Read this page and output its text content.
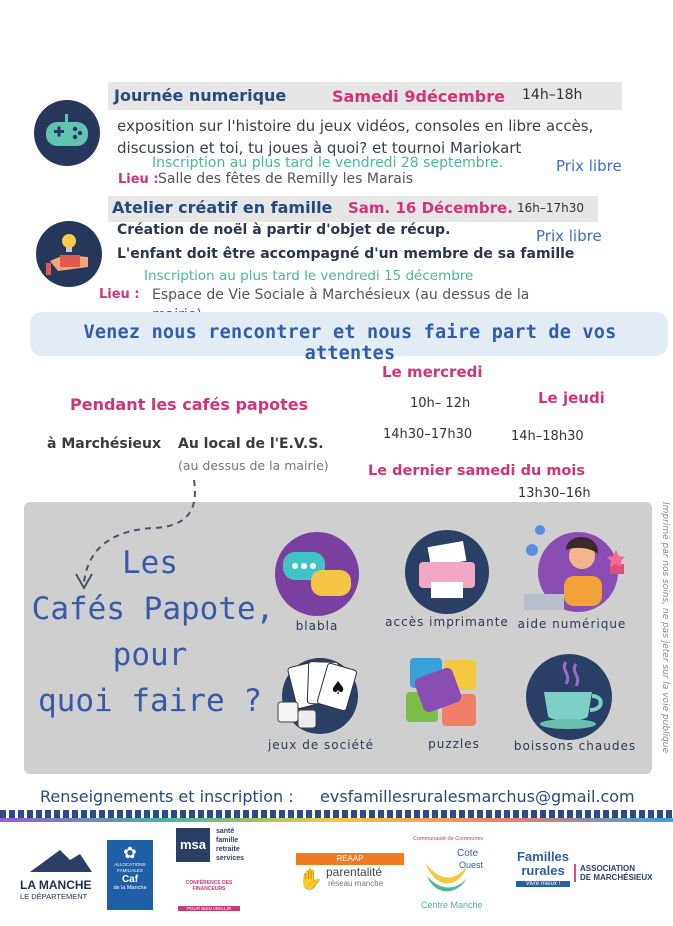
Journée numerique	Samedi 9décembre 14h–18h
exposition sur l'histoire du jeux vidéos, consoles en libre accès, discussion et toi, tu joues à quoi? et tournoi Mariokart
Inscription au plus tard le vendredi 28 septembre.	Prix libre
Lieu : Salle des fêtes de Remilly les Marais
Atelier créatif en famille Sam. 16 Décembre. 16h–17h30
Création de noël à partir d'objet de récup.	Prix libre
L'enfant doit être accompagné d'un membre de sa famille
Inscription au plus tard le vendredi 15 décembre
Lieu : Espace de Vie Sociale à Marchésieux (au dessus de la
Venez nous rencontrer et nous faire part de vos attentes
Pendant les cafés papotes
à Marchésieux Au local de l'E.V.S.
(au dessus de la mairie)
Le mercredi
10h– 12h
14h30–17h30
Le jeudi
14h–18h30
Le dernier samedi du mois
13h30–16h
Les
Cafés Papote,
pour
quoi faire ?
blabla	accès imprimante aide numérique
♠
jeux de société	puzzles	boissons chaudes	Imprimé par nos soins, ne pas jeter sur la voie publique
Renseignements et inscription : evsfamillesruralesmarchus@gmail.com
LA MANCHE
LE DÉPARTEMENT
✿
ALLOCATIONS FAMILIALES
Caf
de la Manche
msa
santé
famille
retraite
services
CONFÉRENCE DES FINANCEURS
POUR BIEN VIEILLIR
REAAP
✋ parentalité
réseau manche
Communauté de Communes
Cote
Ouest
Centre Manche
Familles
rurales
Vivre mieux !
ASSOCIATION
DE MARCHÉSIEUX
